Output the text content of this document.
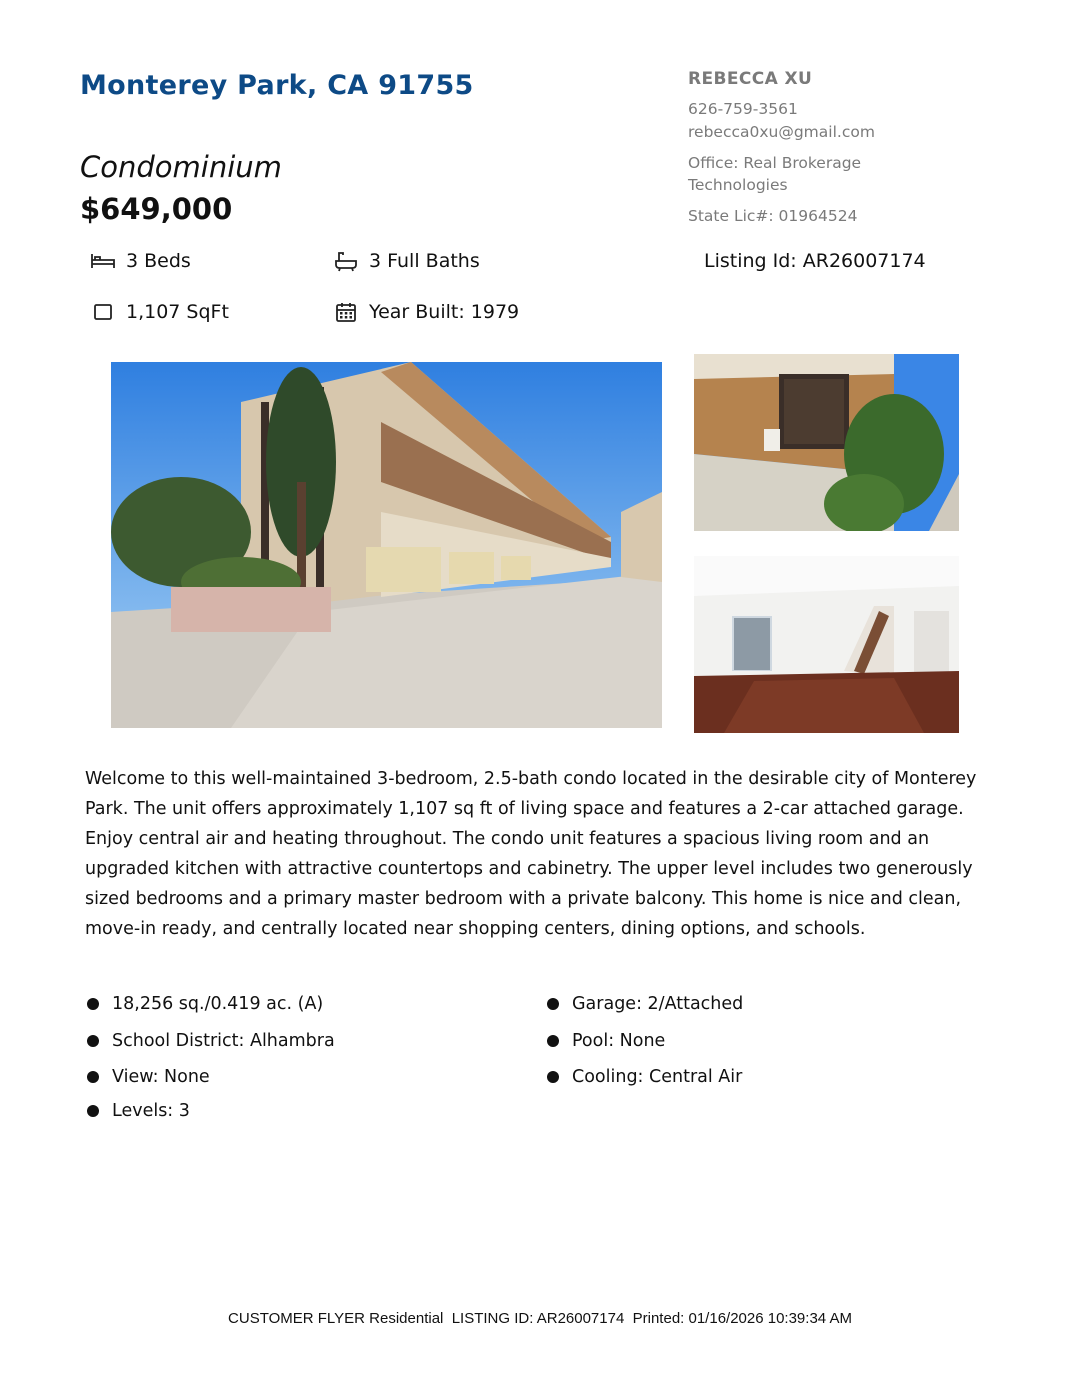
Monterey Park, CA 91755
Condominium
$649,000
REBECCA XU
626-759-3561
rebecca0xu@gmail.com
Office: Real Brokerage Technologies
State Lic#: 01964524
3 Beds	3 Full Baths	Listing Id: AR26007174
1,107 SqFt	Year Built: 1979
Welcome to this well-maintained 3-bedroom, 2.5-bath condo located in the desirable city of Monterey Park. The unit offers approximately 1,107 sq ft of living space and features a 2-car attached garage. Enjoy central air and heating throughout. The condo unit features a spacious living room and an upgraded kitchen with attractive countertops and cabinetry. The upper level includes two generously sized bedrooms and a primary master bedroom with a private balcony. This home is nice and clean, move-in ready, and centrally located near shopping centers, dining options, and schools.
18,256 sq./0.419 ac. (A)
School District: Alhambra
View: None
Levels: 3
Garage: 2/Attached
Pool: None
Cooling: Central Air
CUSTOMER FLYER Residential  LISTING ID: AR26007174  Printed: 01/16/2026 10:39:34 AM
